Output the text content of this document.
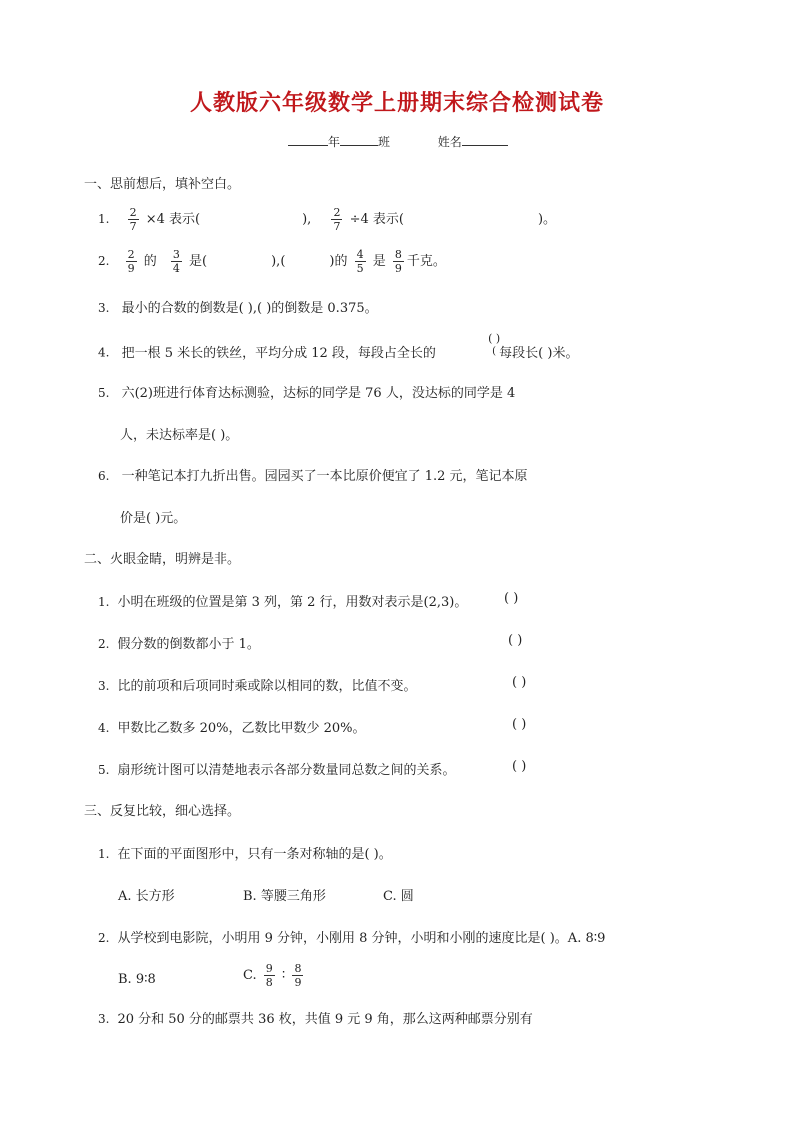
人教版六年级数学上册期末综合检测试卷
年	班	姓名
一、思前想后，填补空白。
1. $\frac{2}{7} \times 4$ 表示(	), $\frac{2}{7} \div 4$ 表示(	)。
2. $\frac{2}{9}$ 的 $\frac{3}{4}$ 是(	),(	)的 $\frac{4}{5}$ 是 $\frac{8}{9}$ 千克。
3. 最小的合数的倒数是( ),( )的倒数是 0.375。
4. 把一根 5 米长的铁丝，平均分成 12 段，每段占全长的
( )
( 每段长( )米。
5. 六(2)班进行体育达标测验，达标的同学是 76 人，没达标的同学是 4
人，未达标率是( )。
6. 一种笔记本打九折出售。园园买了一本比原价便宜了 1.2 元，笔记本原
价是( )元。
二、火眼金睛，明辨是非。
1. 小明在班级的位置是第 3 列，第 2 行，用数对表示是(2,3)。	( )
2. 假分数的倒数都小于 1。	( )
3. 比的前项和后项同时乘或除以相同的数，比值不变。	( )
4. 甲数比乙数多 20%，乙数比甲数少 20%。	( )
5. 扇形统计图可以清楚地表示各部分数量同总数之间的关系。	( )
三、反复比较，细心选择。
1. 在下面的平面图形中，只有一条对称轴的是( )。
A. 长方形	B. 等腰三角形	C. 圆
2. 从学校到电影院，小明用 9 分钟，小刚用 8 分钟，小明和小刚的速度比是( )。A. 8∶9
B. 9∶8	C. $\frac{9}{8}$ ∶ $\frac{8}{9}$
3. 20 分和 50 分的邮票共 36 枚，共值 9 元 9 角，那么这两种邮票分别有
